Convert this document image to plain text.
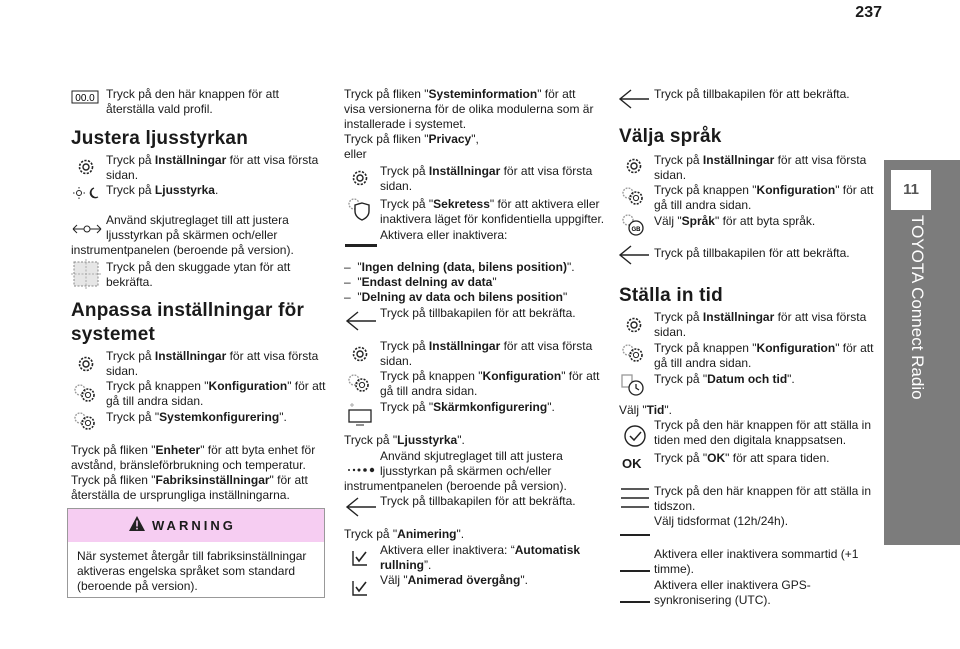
237
11
TOYOTA Connect Radio
00.0 Tryck på den här knappen för att
återställa vald profil.
Justera ljusstyrkan
Tryck på Inställningar för att visa första
sidan.
Tryck på Ljusstyrka.
Använd skjutreglaget till att justera
ljusstyrkan på skärmen och/eller
instrumentpanelen (beroende på version).
Tryck på den skuggade ytan för att
bekräfta.
Anpassa inställningar för
systemet
Tryck på Inställningar för att visa första
sidan.
Tryck på knappen "Konfiguration" för att
gå till andra sidan.
Tryck på "Systemkonfigurering".
Tryck på fliken "Enheter" för att byta enhet för
avstånd, bränsleförbrukning och temperatur.
Tryck på fliken "Fabriksinställningar" för att
återställa de ursprungliga inställningarna.
WARNING
När systemet återgår till fabriksinställningar
aktiveras engelska språket som standard
(beroende på version).
Tryck på fliken "Systeminformation" för att
visa versionerna för de olika modulerna som är
installerade i systemet.
Tryck på fliken "Privacy",
eller
Tryck på Inställningar för att visa första
sidan.
Tryck på "Sekretess" för att aktivera eller
inaktivera läget för konfidentiella uppgifter.
Aktivera eller inaktivera:
– "Ingen delning (data, bilens position)".
– "Endast delning av data"
– "Delning av data och bilens position"
Tryck på tillbakapilen för att bekräfta.
Tryck på Inställningar för att visa första
sidan.
Tryck på knappen "Konfiguration" för att
gå till andra sidan.
Tryck på "Skärmkonfigurering".
Tryck på "Ljusstyrka".
Använd skjutreglaget till att justera
ljusstyrkan på skärmen och/eller
instrumentpanelen (beroende på version).
Tryck på tillbakapilen för att bekräfta.
Tryck på "Animering".
Aktivera eller inaktivera: “Automatisk
rullning”.
Välj "Animerad övergång".
Tryck på tillbakapilen för att bekräfta.
Välja språk
Tryck på Inställningar för att visa första
sidan.
Tryck på knappen "Konfiguration" för att
gå till andra sidan.
GB
Välj "Språk" för att byta språk.
Tryck på tillbakapilen för att bekräfta.
Ställa in tid
Tryck på Inställningar för att visa första
sidan.
Tryck på knappen "Konfiguration" för att
gå till andra sidan.
Tryck på "Datum och tid".
Välj "Tid".
Tryck på den här knappen för att ställa in
tiden med den digitala knappsatsen.
OK Tryck på "OK" för att spara tiden.
Tryck på den här knappen för att ställa in
tidszon.
Välj tidsformat (12h/24h).
Aktivera eller inaktivera sommartid (+1
timme).
Aktivera eller inaktivera GPS-
synkronisering (UTC).
